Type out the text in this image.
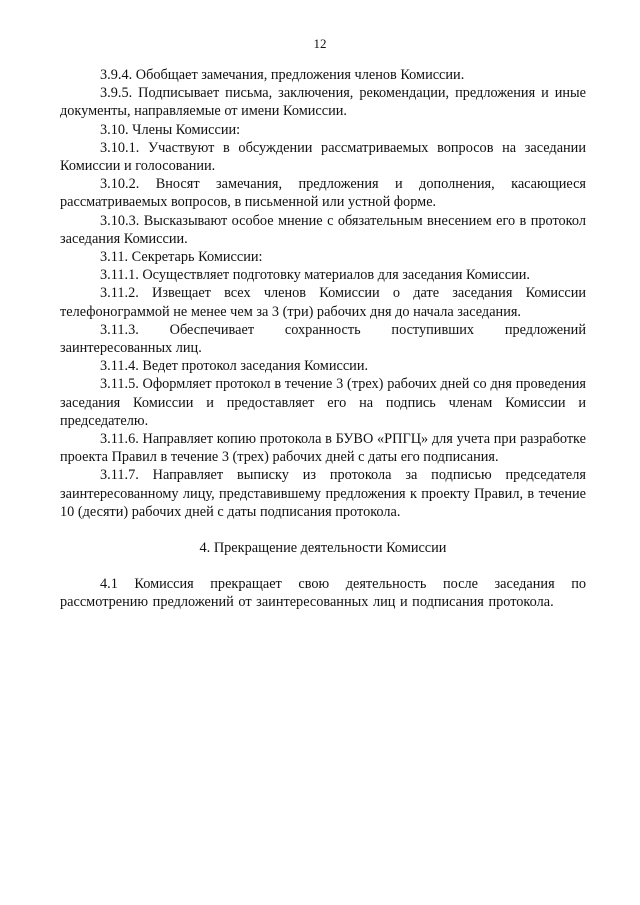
12

3.9.4. Обобщает замечания, предложения членов Комиссии.

3.9.5. Подписывает письма, заключения, рекомендации, предложения и иные документы, направляемые от имени Комиссии.

3.10. Члены Комиссии:

3.10.1. Участвуют в обсуждении рассматриваемых вопросов на заседании Комиссии и голосовании.

3.10.2. Вносят замечания, предложения и дополнения, касающиеся рассматриваемых вопросов, в письменной или устной форме.

3.10.3. Высказывают особое мнение с обязательным внесением его в протокол заседания Комиссии.

3.11. Секретарь Комиссии:

3.11.1. Осуществляет подготовку материалов для заседания Комиссии.

3.11.2. Извещает всех членов Комиссии о дате заседания Комиссии телефонограммой не менее чем за 3 (три) рабочих дня до начала заседания.

3.11.3. Обеспечивает сохранность поступивших предложений заинтересованных лиц.

3.11.4. Ведет протокол заседания Комиссии.

3.11.5. Оформляет протокол в течение 3 (трех) рабочих дней со дня проведения заседания Комиссии и предоставляет его на подпись членам Комиссии и председателю.

3.11.6. Направляет копию протокола в БУВО «РПГЦ» для учета при разработке проекта Правил в течение 3 (трех) рабочих дней с даты его подписания.

3.11.7. Направляет выписку из протокола за подписью председателя заинтересованному лицу, представившему предложения к проекту Правил, в течение 10 (десяти) рабочих дней с даты подписания протокола.

4. Прекращение деятельности Комиссии

4.1 Комиссия прекращает свою деятельность после заседания по рассмотрению предложений от заинтересованных лиц и подписания протокола.
